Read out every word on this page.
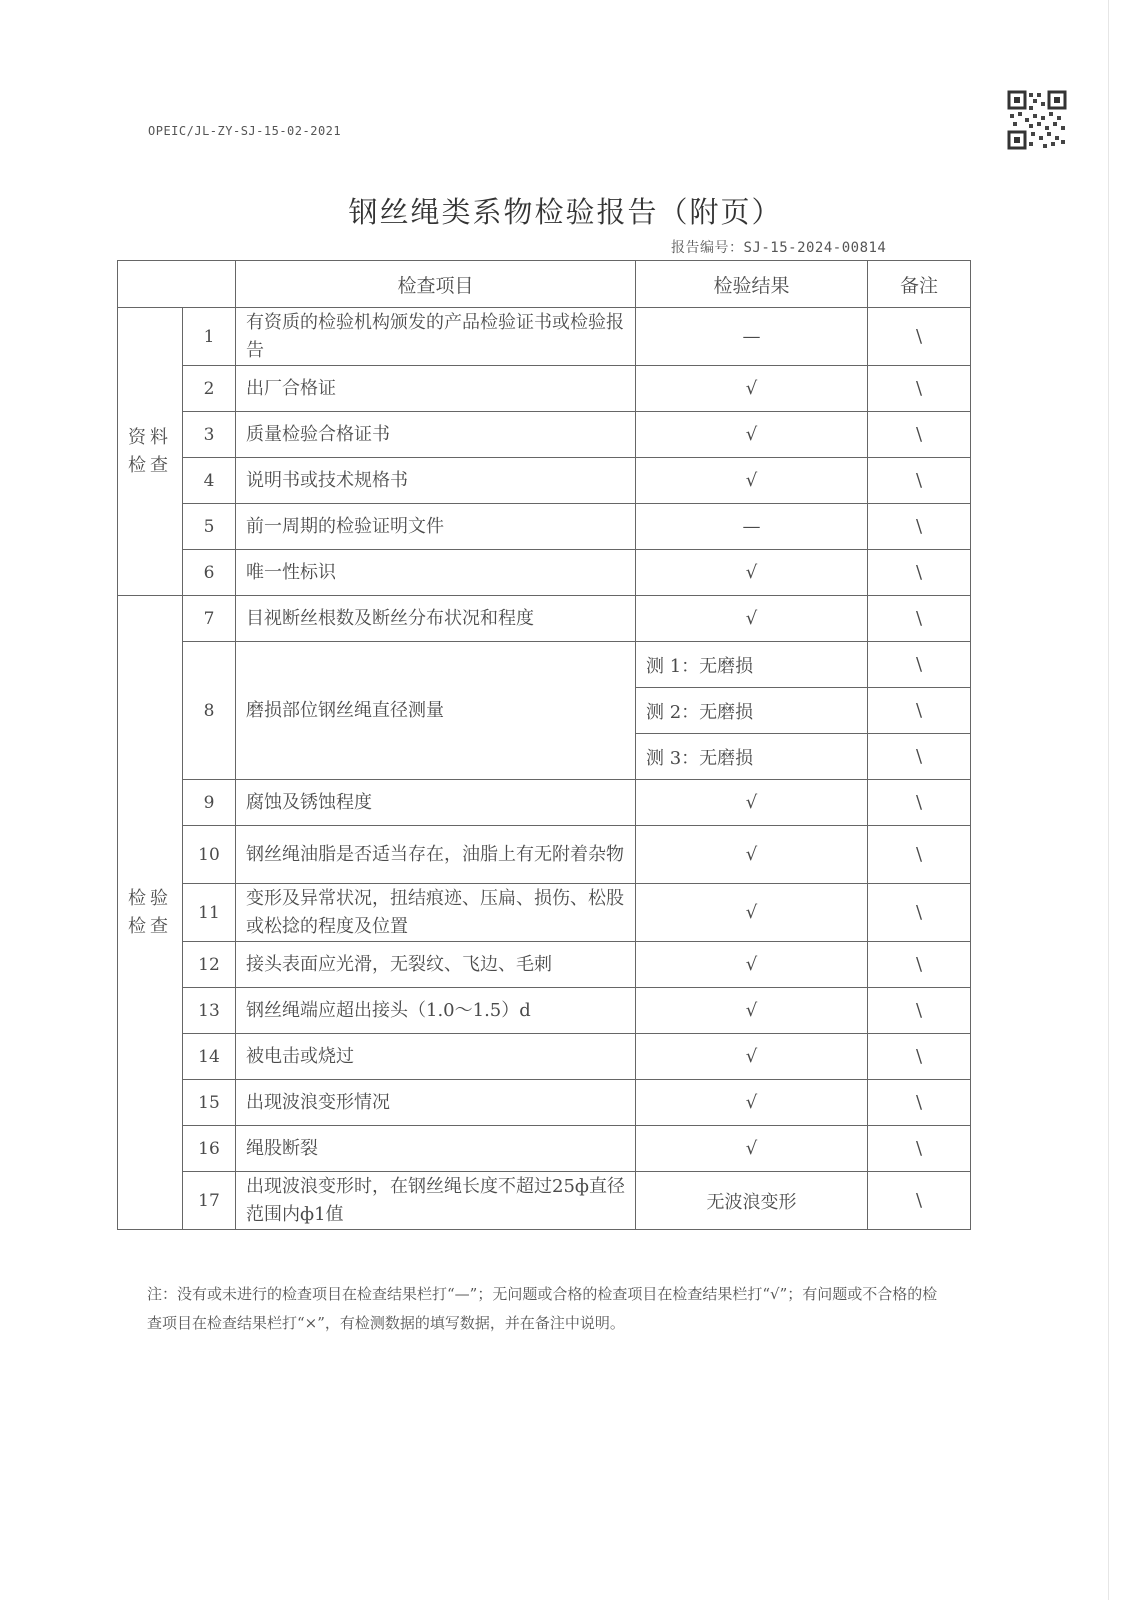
OPEIC/JL-ZY-SJ-15-02-2021
钢丝绳类系物检验报告（附页）
报告编号：SJ-15-2024-00814
		检查项目	检验结果	备注
资料检查	1	有资质的检验机构颁发的产品检验证书或检验报告	—	\
	2	出厂合格证	√	\
	3	质量检验合格证书	√	\
	4	说明书或技术规格书	√	\
	5	前一周期的检验证明文件	—	\
	6	唯一性标识	√	\
检验检查	7	目视断丝根数及断丝分布状况和程度	√	\
	8	磨损部位钢丝绳直径测量	测 1：无磨损	\
			测 2：无磨损	\
			测 3：无磨损	\
	9	腐蚀及锈蚀程度	√	\
	10	钢丝绳油脂是否适当存在，油脂上有无附着杂物	√	\
	11	变形及异常状况，扭结痕迹、压扁、损伤、松股或松捻的程度及位置	√	\
	12	接头表面应光滑，无裂纹、飞边、毛刺	√	\
	13	钢丝绳端应超出接头（1.0～1.5）d	√	\
	14	被电击或烧过	√	\
	15	出现波浪变形情况	√	\
	16	绳股断裂	√	\
	17	出现波浪变形时，在钢丝绳长度不超过25ф直径范围内ф1值	无波浪变形	\
注：没有或未进行的检查项目在检查结果栏打“—”；无问题或合格的检查项目在检查结果栏打“√”；有问题或不合格的检查项目在检查结果栏打“×”，有检测数据的填写数据，并在备注中说明。
